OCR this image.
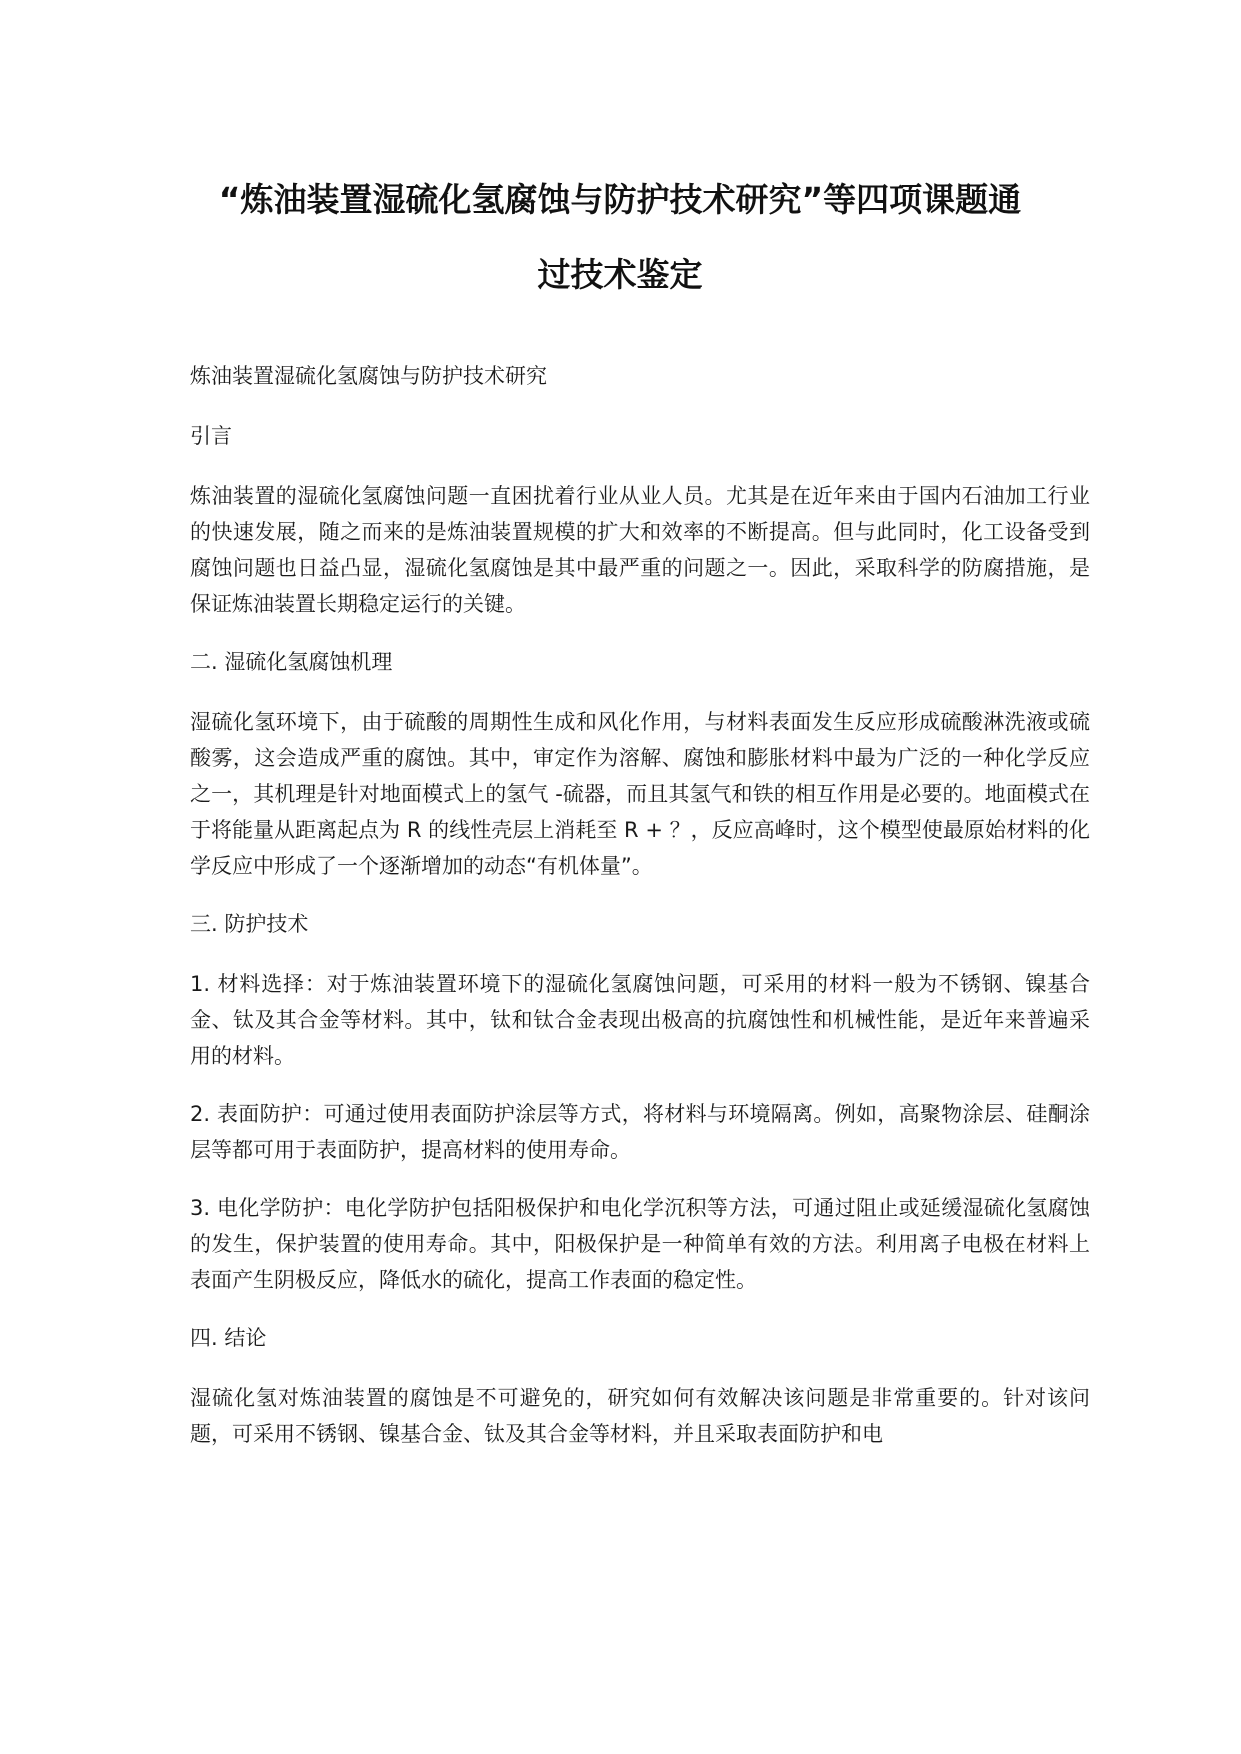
“炼油装置湿硫化氢腐蚀与防护技术研究”等四项课题通
过技术鉴定

炼油装置湿硫化氢腐蚀与防护技术研究

引言

炼油装置的湿硫化氢腐蚀问题一直困扰着行业从业人员。尤其是在近年来由于国内石油加工行业的快速发展，随之而来的是炼油装置规模的扩大和效率的不断提高。但与此同时，化工设备受到腐蚀问题也日益凸显，湿硫化氢腐蚀是其中最严重的问题之一。因此，采取科学的防腐措施，是保证炼油装置长期稳定运行的关键。

二. 湿硫化氢腐蚀机理

湿硫化氢环境下，由于硫酸的周期性生成和风化作用，与材料表面发生反应形成硫酸淋洗液或硫酸雾，这会造成严重的腐蚀。其中，审定作为溶解、腐蚀和膨胀材料中最为广泛的一种化学反应之一，其机理是针对地面模式上的氢气 -硫器，而且其氢气和铁的相互作用是必要的。地面模式在于将能量从距离起点为 R 的线性壳层上消耗至 R + ？，反应高峰时，这个模型使最原始材料的化学反应中形成了一个逐渐增加的动态“有机体量”。

三. 防护技术

1. 材料选择：对于炼油装置环境下的湿硫化氢腐蚀问题，可采用的材料一般为不锈钢、镍基合金、钛及其合金等材料。其中，钛和钛合金表现出极高的抗腐蚀性和机械性能，是近年来普遍采用的材料。

2. 表面防护：可通过使用表面防护涂层等方式，将材料与环境隔离。例如，高聚物涂层、硅酮涂层等都可用于表面防护，提高材料的使用寿命。

3. 电化学防护：电化学防护包括阳极保护和电化学沉积等方法，可通过阻止或延缓湿硫化氢腐蚀的发生，保护装置的使用寿命。其中，阳极保护是一种简单有效的方法。利用离子电极在材料上表面产生阴极反应，降低水的硫化，提高工作表面的稳定性。

四. 结论

湿硫化氢对炼油装置的腐蚀是不可避免的，研究如何有效解决该问题是非常重要的。针对该问题，可采用不锈钢、镍基合金、钛及其合金等材料，并且采取表面防护和电
